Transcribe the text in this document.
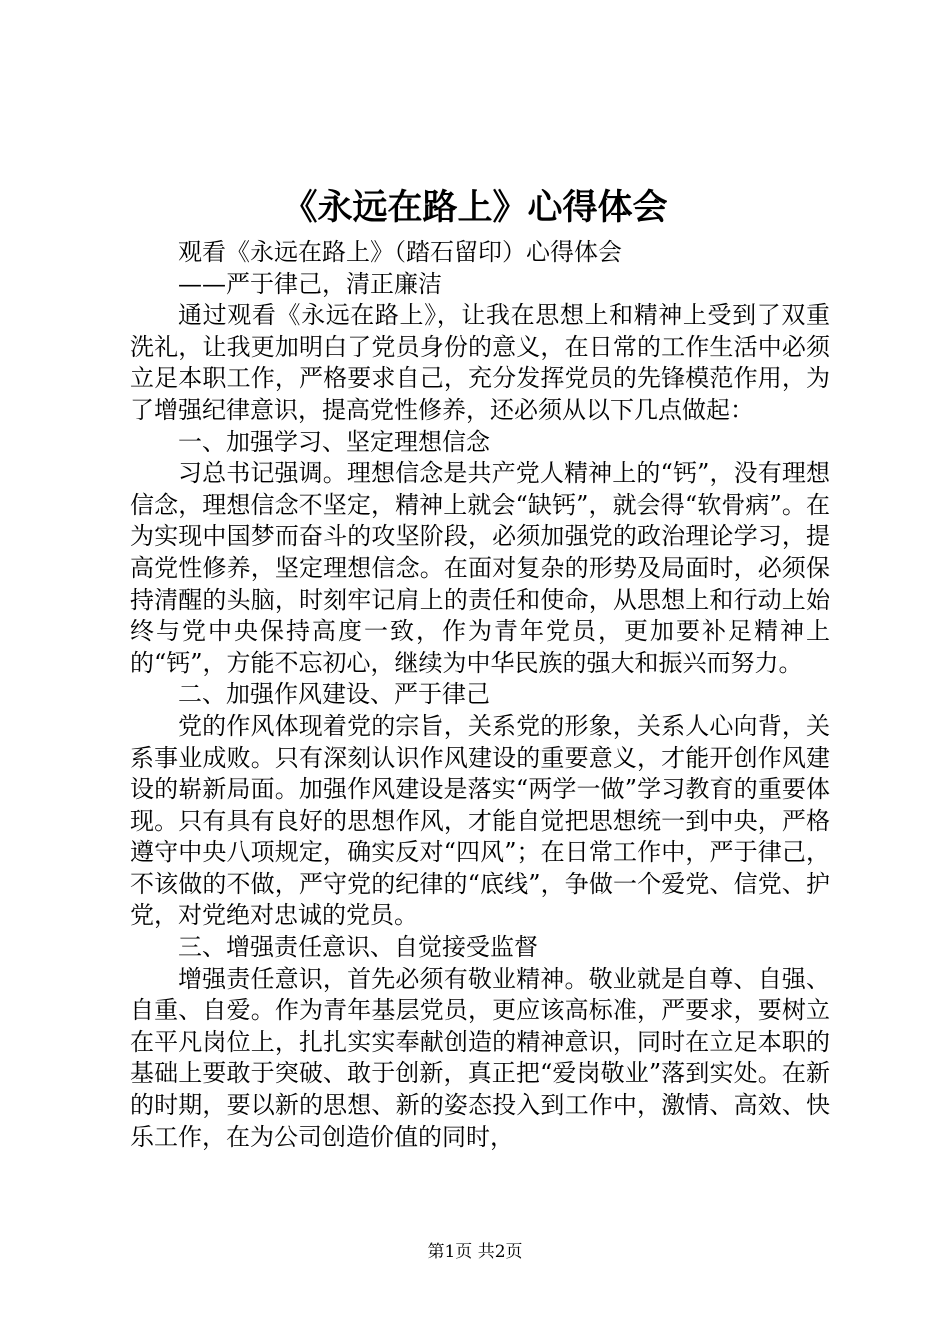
《永远在路上》心得体会

观看《永远在路上》（踏石留印）心得体会

——严于律己，清正廉洁

通过观看《永远在路上》，让我在思想上和精神上受到了双重洗礼，让我更加明白了党员身份的意义，在日常的工作生活中必须立足本职工作，严格要求自己，充分发挥党员的先锋模范作用，为了增强纪律意识，提高党性修养，还必须从以下几点做起：

一、加强学习、坚定理想信念

习总书记强调。理想信念是共产党人精神上的“钙”，没有理想信念，理想信念不坚定，精神上就会“缺钙”，就会得“软骨病”。在为实现中国梦而奋斗的攻坚阶段，必须加强党的政治理论学习，提高党性修养，坚定理想信念。在面对复杂的形势及局面时，必须保持清醒的头脑，时刻牢记肩上的责任和使命，从思想上和行动上始终与党中央保持高度一致，作为青年党员，更加要补足精神上的“钙”，方能不忘初心，继续为中华民族的强大和振兴而努力。

二、加强作风建设、严于律己

党的作风体现着党的宗旨，关系党的形象，关系人心向背，关系事业成败。只有深刻认识作风建设的重要意义，才能开创作风建设的崭新局面。加强作风建设是落实“两学一做”学习教育的重要体现。只有具有良好的思想作风，才能自觉把思想统一到中央，严格遵守中央八项规定，确实反对“四风”；在日常工作中，严于律己，不该做的不做，严守党的纪律的“底线”，争做一个爱党、信党、护党，对党绝对忠诚的党员。

三、增强责任意识、自觉接受监督

增强责任意识，首先必须有敬业精神。敬业就是自尊、自强、自重、自爱。作为青年基层党员，更应该高标准，严要求，要树立在平凡岗位上，扎扎实实奉献创造的精神意识，同时在立足本职的基础上要敢于突破、敢于创新，真正把“爱岗敬业”落到实处。在新的时期，要以新的思想、新的姿态投入到工作中，激情、高效、快乐工作，在为公司创造价值的同时，

第1页 共2页
